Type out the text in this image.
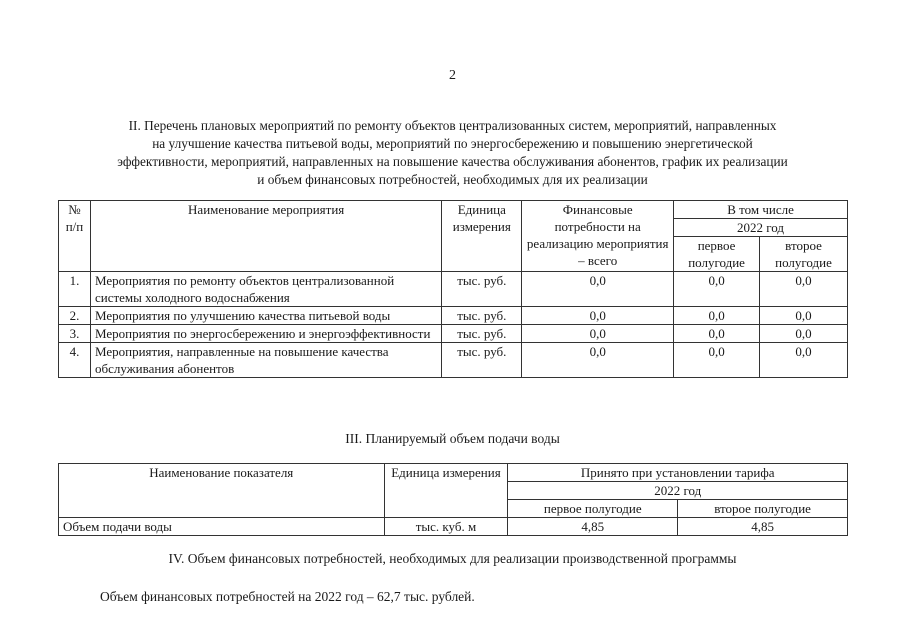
2
II. Перечень плановых мероприятий по ремонту объектов централизованных систем, мероприятий, направленных
на улучшение качества питьевой воды, мероприятий по энергосбережению и повышению энергетической
эффективности, мероприятий, направленных на повышение качества обслуживания абонентов, график их реализации
и объем финансовых потребностей, необходимых для их реализации
№ п/п	Наименование мероприятия	Единица измерения	Финансовые потребности на реализацию мероприятия – всего	В том числе	
				2022 год	
				первое полугодие	второе полугодие
1.	Мероприятия по ремонту объектов централизованной системы холодного водоснабжения	тыс. руб.	0,0	0,0	0,0
2.	Мероприятия по улучшению качества питьевой воды	тыс. руб.	0,0	0,0	0,0
3.	Мероприятия по энергосбережению и энергоэффективности	тыс. руб.	0,0	0,0	0,0
4.	Мероприятия, направленные на повышение качества обслуживания абонентов	тыс. руб.	0,0	0,0	0,0
III. Планируемый объем подачи воды
Наименование показателя	Единица измерения	Принято при установлении тарифа	
		2022 год	
		первое полугодие	второе полугодие
Объем подачи воды	тыс. куб. м	4,85	4,85
IV. Объем финансовых потребностей, необходимых для реализации производственной программы
Объем финансовых потребностей на 2022 год – 62,7 тыс. рублей.
